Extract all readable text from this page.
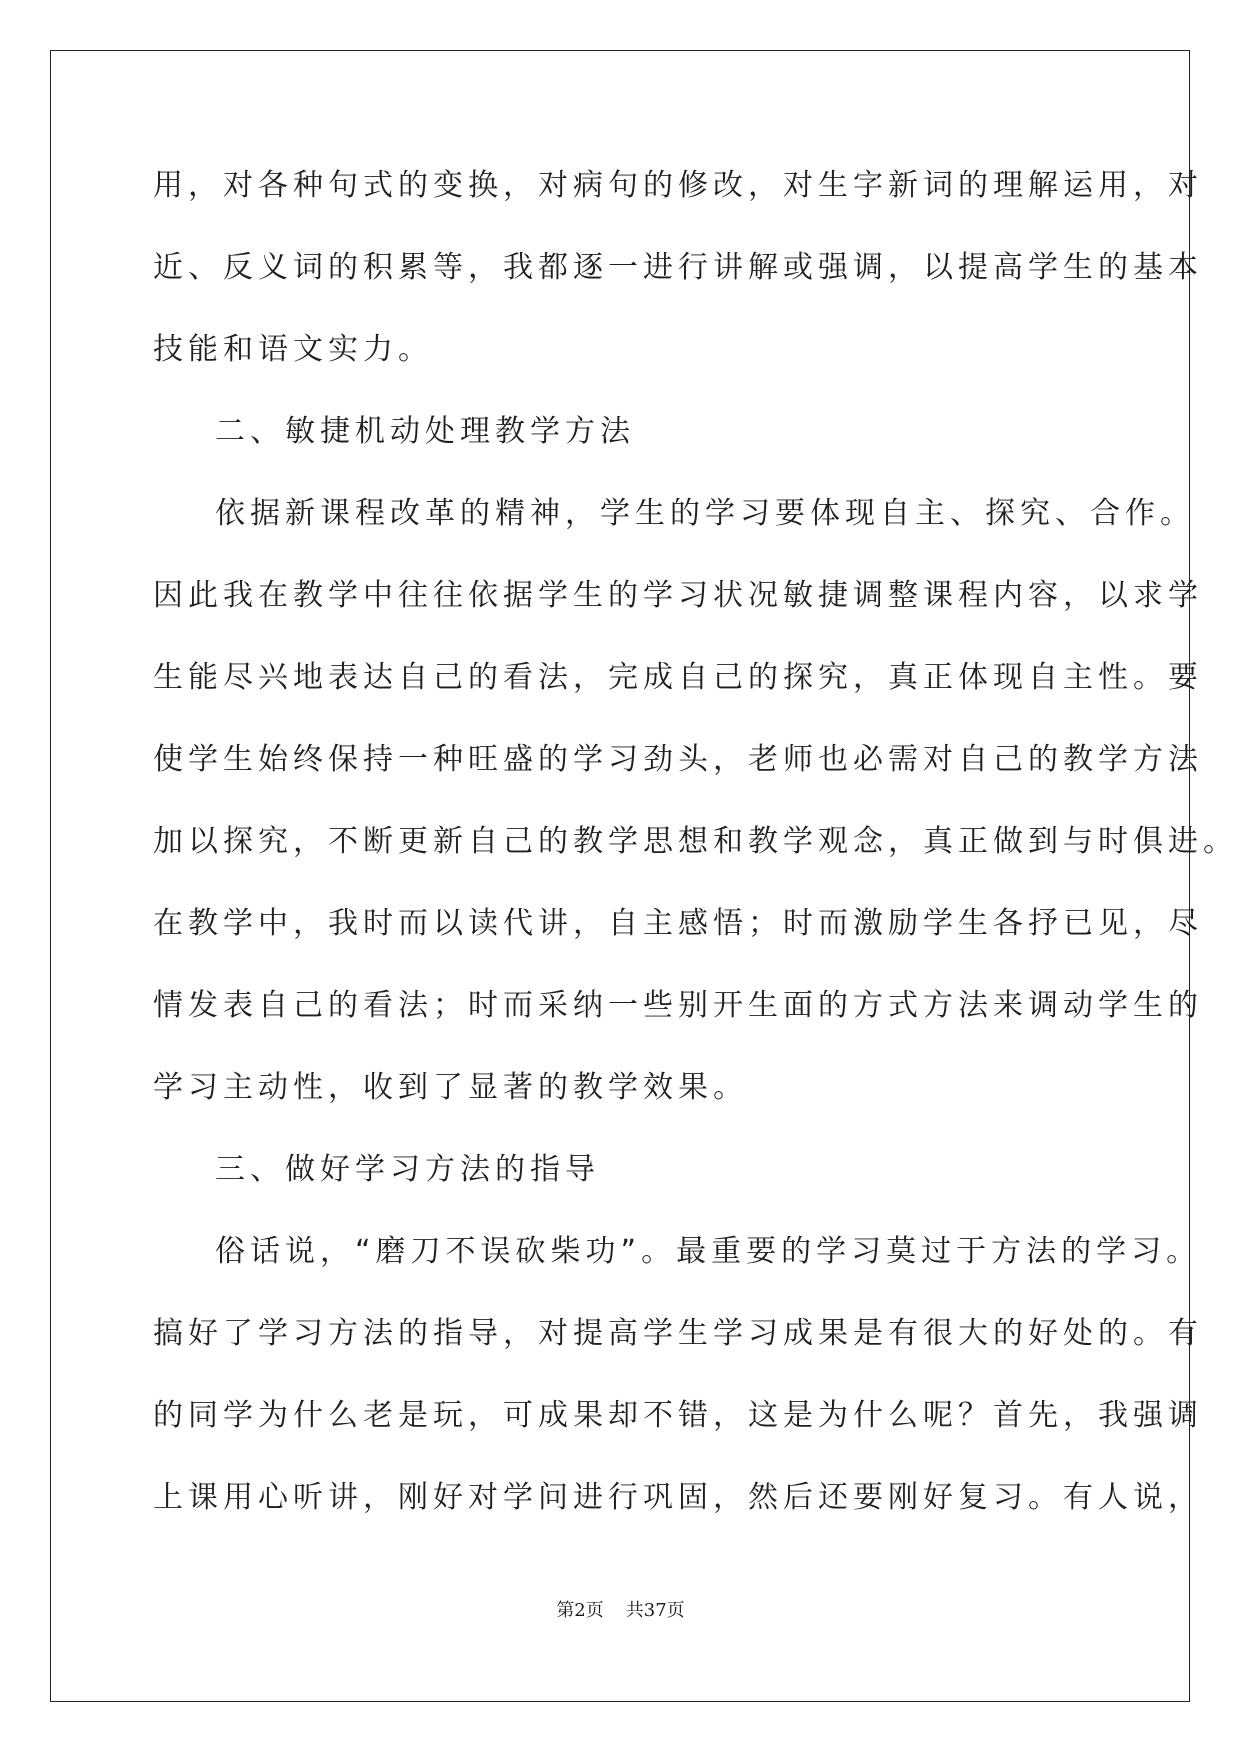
用，对各种句式的变换，对病句的修改，对生字新词的理解运用，对
近、反义词的积累等，我都逐一进行讲解或强调，以提高学生的基本
技能和语文实力。
二、敏捷机动处理教学方法
依据新课程改革的精神，学生的学习要体现自主、探究、合作。
因此我在教学中往往依据学生的学习状况敏捷调整课程内容，以求学
生能尽兴地表达自己的看法，完成自己的探究，真正体现自主性。要
使学生始终保持一种旺盛的学习劲头，老师也必需对自己的教学方法
加以探究，不断更新自己的教学思想和教学观念，真正做到与时俱进。
在教学中，我时而以读代讲，自主感悟；时而激励学生各抒已见，尽
情发表自己的看法；时而采纳一些别开生面的方式方法来调动学生的
学习主动性，收到了显著的教学效果。
三、做好学习方法的指导
俗话说，“磨刀不误砍柴功”。最重要的学习莫过于方法的学习。
搞好了学习方法的指导，对提高学生学习成果是有很大的好处的。有
的同学为什么老是玩，可成果却不错，这是为什么呢？首先，我强调
上课用心听讲，刚好对学问进行巩固，然后还要刚好复习。有人说，
第2页 共37页
